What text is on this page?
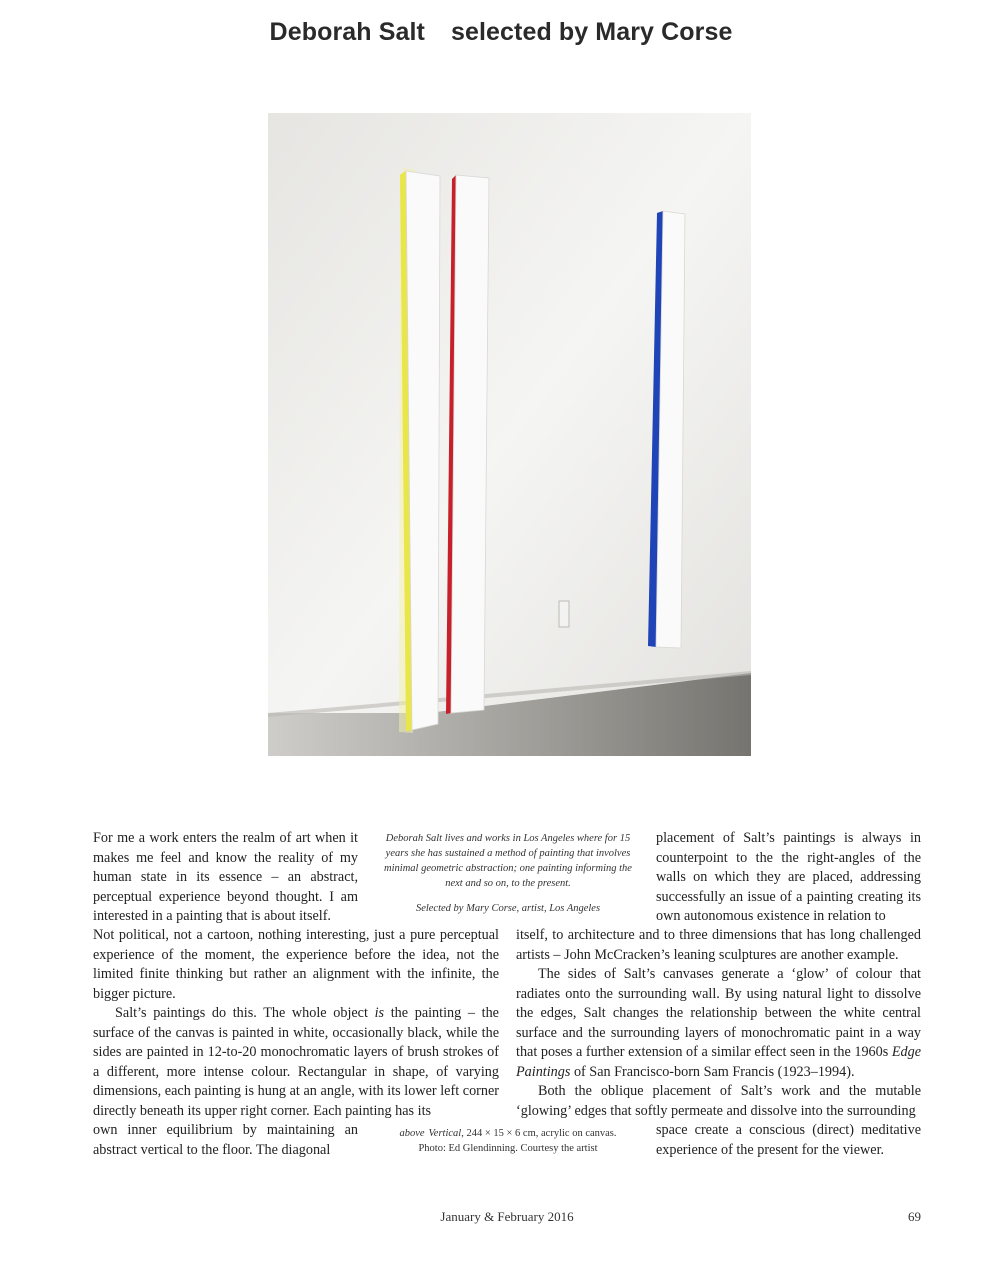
Deborah Salt selected by Mary Corse

For me a work enters the realm of art when it makes me feel and know the reality of my human state in its essence – an abstract, perceptual experience beyond thought. I am interested in a painting that is about itself.

Deborah Salt lives and works in Los Angeles where for 15 years she has sustained a method of painting that involves minimal geometric abstraction; one painting informing the next and so on, to the present.
Selected by Mary Corse, artist, Los Angeles

placement of Salt’s paintings is always in counterpoint to the the right-angles of the walls on which they are placed, addressing successfully an issue of a painting creating its own autonomous existence in relation to

Not political, not a cartoon, nothing interesting, just a pure perceptual experience of the moment, the experience before the idea, not the limited finite thinking but rather an alignment with the infinite, the bigger picture.

Salt’s paintings do this. The whole object is the painting – the surface of the canvas is painted in white, occasionally black, while the sides are painted in 12-to-20 monochromatic layers of brush strokes of a different, more intense colour. Rectangular in shape, of varying dimensions, each painting is hung at an angle, with its lower left corner directly beneath its upper right corner. Each painting has its

itself, to architecture and to three dimensions that has long challenged artists – John McCracken’s leaning sculptures are another example.

The sides of Salt’s canvases generate a ‘glow’ of colour that radiates onto the surrounding wall. By using natural light to dissolve the edges, Salt changes the relationship between the white central surface and the surrounding layers of monochromatic paint in a way that poses a further extension of a similar effect seen in the 1960s Edge Paintings of San Francisco-born Sam Francis (1923–1994).

Both the oblique placement of Salt’s work and the mutable ‘glowing’ edges that softly permeate and dissolve into the surrounding

own inner equilibrium by maintaining an abstract vertical to the floor. The diagonal

above Vertical, 244 × 15 × 6 cm, acrylic on canvas.
Photo: Ed Glendinning. Courtesy the artist

space create a conscious (direct) meditative experience of the present for the viewer.

January & February 2016	69
